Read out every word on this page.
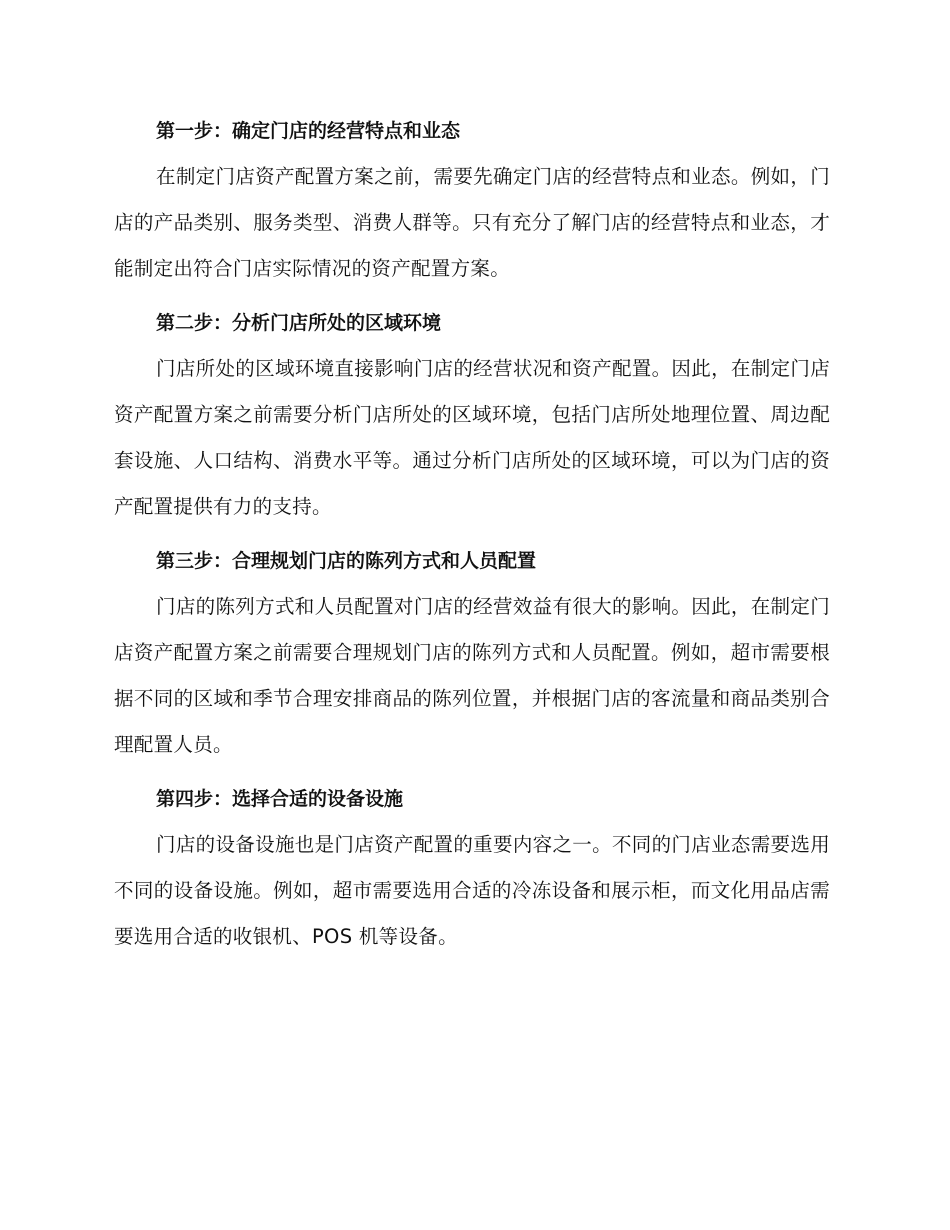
第一步：确定门店的经营特点和业态

在制定门店资产配置方案之前，需要先确定门店的经营特点和业态。例如，门店的产品类别、服务类型、消费人群等。只有充分了解门店的经营特点和业态，才能制定出符合门店实际情况的资产配置方案。

第二步：分析门店所处的区域环境

门店所处的区域环境直接影响门店的经营状况和资产配置。因此，在制定门店资产配置方案之前需要分析门店所处的区域环境，包括门店所处地理位置、周边配套设施、人口结构、消费水平等。通过分析门店所处的区域环境，可以为门店的资产配置提供有力的支持。

第三步：合理规划门店的陈列方式和人员配置

门店的陈列方式和人员配置对门店的经营效益有很大的影响。因此，在制定门店资产配置方案之前需要合理规划门店的陈列方式和人员配置。例如，超市需要根据不同的区域和季节合理安排商品的陈列位置，并根据门店的客流量和商品类别合理配置人员。

第四步：选择合适的设备设施

门店的设备设施也是门店资产配置的重要内容之一。不同的门店业态需要选用不同的设备设施。例如，超市需要选用合适的冷冻设备和展示柜，而文化用品店需要选用合适的收银机、POS 机等设备。
